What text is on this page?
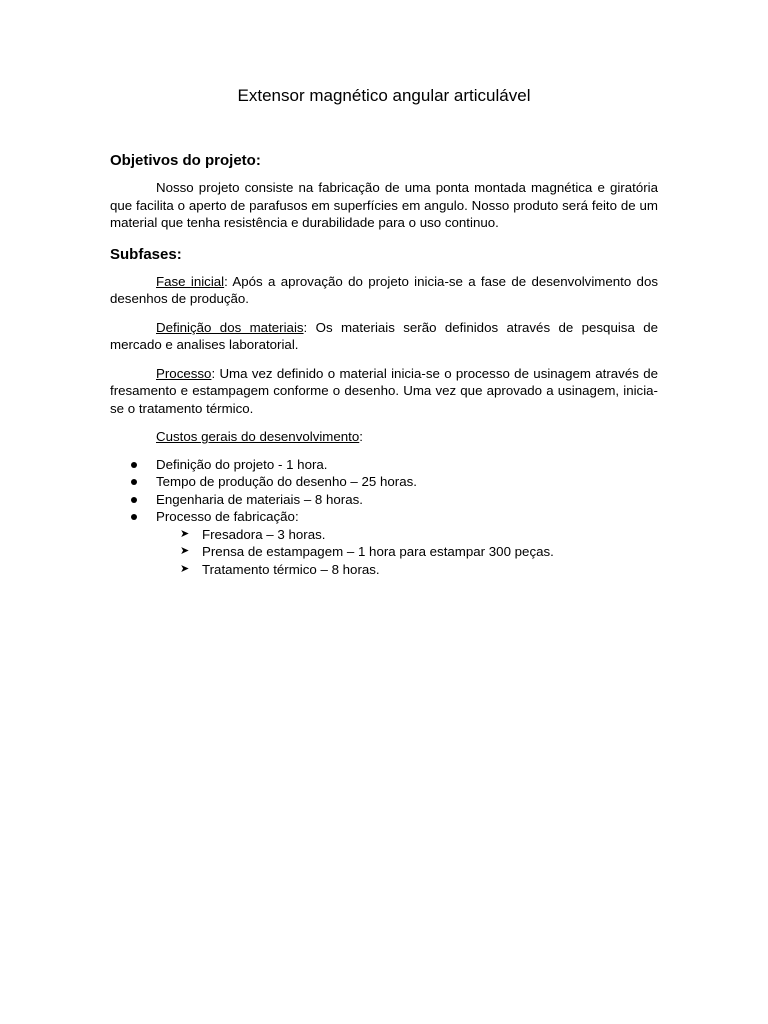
Extensor magnético angular articulável
Objetivos do projeto:

Nosso projeto consiste na fabricação de uma ponta montada magnética e giratória que facilita o aperto de parafusos em superfícies em angulo. Nosso produto será feito de um material que tenha resistência e durabilidade para o uso continuo.

Subfases:

Fase inicial: Após a aprovação do projeto inicia-se a fase de desenvolvimento dos desenhos de produção.

Definição dos materiais: Os materiais serão definidos através de pesquisa de mercado e analises laboratorial.

Processo: Uma vez definido o material inicia-se o processo de usinagem através de fresamento e estampagem conforme o desenho. Uma vez que aprovado a usinagem, inicia-se o tratamento térmico.

Custos gerais do desenvolvimento:

Definição do projeto - 1 hora.
Tempo de produção do desenho – 25 horas.
Engenharia de materiais – 8 horas.
Processo de fabricação:
➤ Fresadora – 3 horas.
➤ Prensa de estampagem – 1 hora para estampar 300 peças.
➤ Tratamento térmico – 8 horas.
